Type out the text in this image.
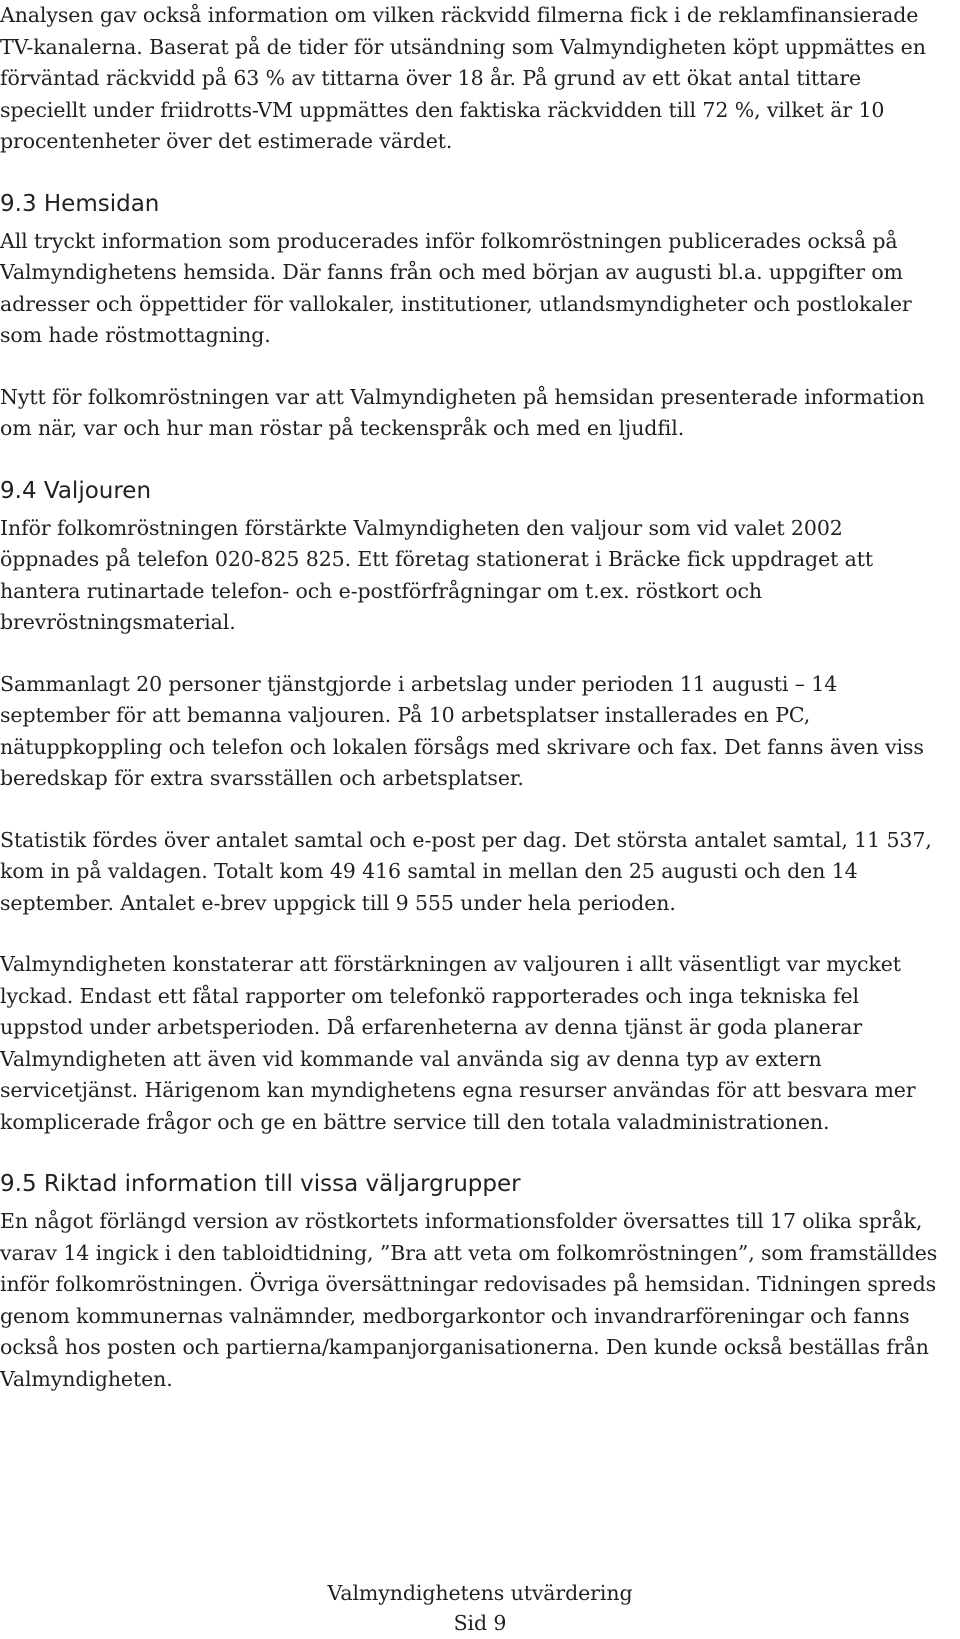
Analysen gav också information om vilken räckvidd filmerna fick i de reklamfinansierade TV-kanalerna. Baserat på de tider för utsändning som Valmyndigheten köpt uppmättes en förväntad räckvidd på 63 % av tittarna över 18 år. På grund av ett ökat antal tittare speciellt under friidrotts-VM uppmättes den faktiska räckvidden till 72 %, vilket är 10 procentenheter över det estimerade värdet.

9.3 Hemsidan

All tryckt information som producerades inför folkomröstningen publicerades också på Valmyndighetens hemsida. Där fanns från och med början av augusti bl.a. uppgifter om adresser och öppettider för vallokaler, institutioner, utlandsmyndigheter och postlokaler som hade röstmottagning.

Nytt för folkomröstningen var att Valmyndigheten på hemsidan presenterade information om när, var och hur man röstar på teckenspråk och med en ljudfil.

9.4 Valjouren

Inför folkomröstningen förstärkte Valmyndigheten den valjour som vid valet 2002 öppnades på telefon 020-825 825. Ett företag stationerat i Bräcke fick uppdraget att hantera rutinartade telefon- och e-postförfrågningar om t.ex. röstkort och brevröstningsmaterial.

Sammanlagt 20 personer tjänstgjorde i arbetslag under perioden 11 augusti – 14 september för att bemanna valjouren. På 10 arbetsplatser installerades en PC, nätuppkoppling och telefon och lokalen försågs med skrivare och fax. Det fanns även viss beredskap för extra svarsställen och arbetsplatser.

Statistik fördes över antalet samtal och e-post per dag. Det största antalet samtal, 11 537, kom in på valdagen. Totalt kom 49 416 samtal in mellan den 25 augusti och den 14 september. Antalet e-brev uppgick till 9 555 under hela perioden.

Valmyndigheten konstaterar att förstärkningen av valjouren i allt väsentligt var mycket lyckad. Endast ett fåtal rapporter om telefonkö rapporterades och inga tekniska fel uppstod under arbetsperioden. Då erfarenheterna av denna tjänst är goda planerar Valmyndigheten att även vid kommande val använda sig av denna typ av extern servicetjänst. Härigenom kan myndighetens egna resurser användas för att besvara mer komplicerade frågor och ge en bättre service till den totala valadministrationen.

9.5 Riktad information till vissa väljargrupper

En något förlängd version av röstkortets informationsfolder översattes till 17 olika språk, varav 14 ingick i den tabloidtidning, ”Bra att veta om folkomröstningen”, som framställdes inför folkomröstningen. Övriga översättningar redovisades på hemsidan. Tidningen spreds genom kommunernas valnämnder, medborgarkontor och invandrarföreningar och fanns också hos posten och partierna/kampanjorganisationerna. Den kunde också beställas från Valmyndigheten.

Valmyndighetens utvärdering

Sid 9
